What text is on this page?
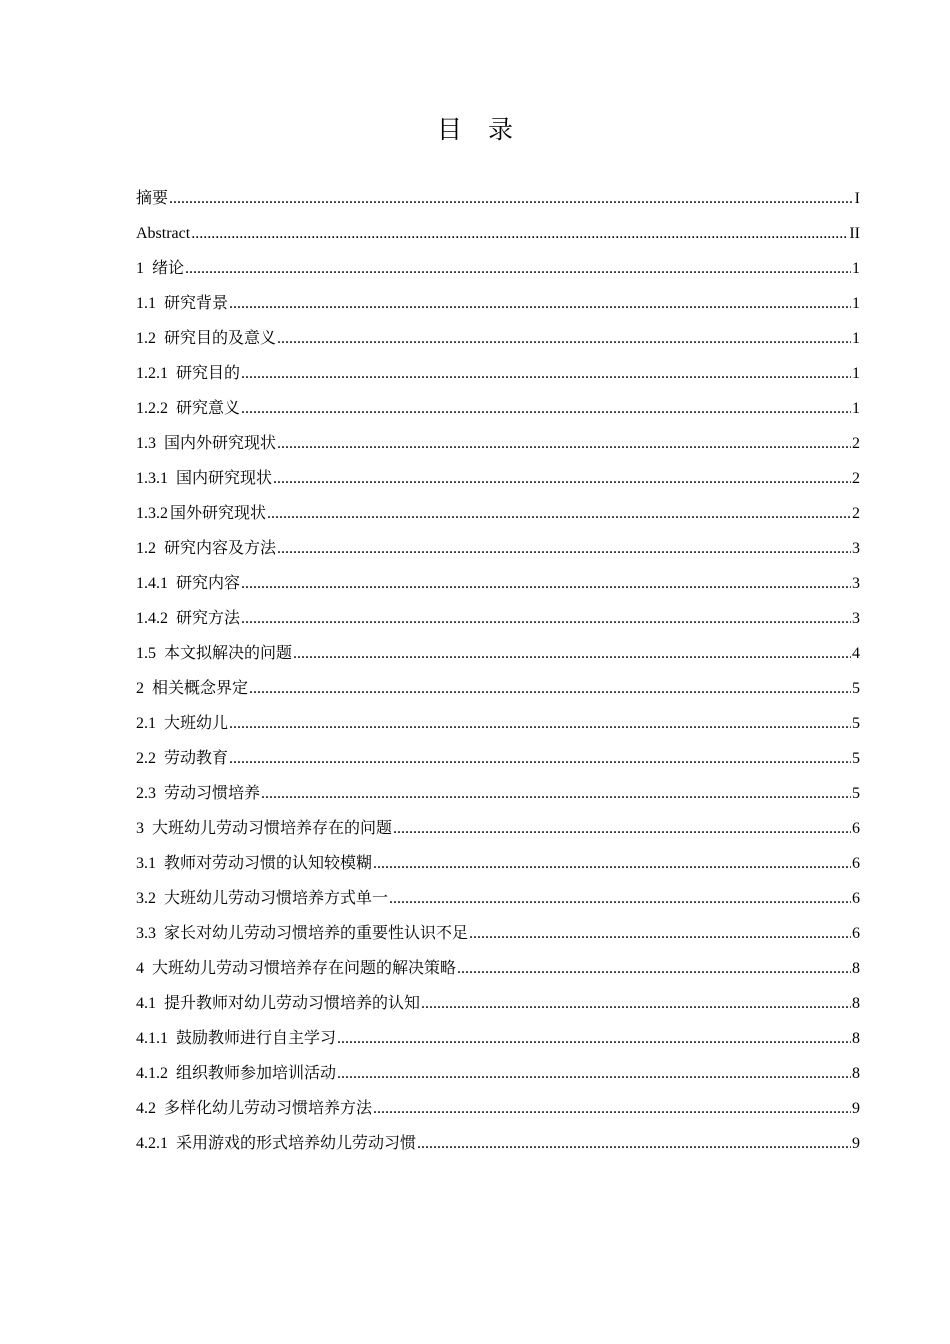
目录
摘要 .....	I
Abstract .....	II
1 绪论 .....	1
1.1 研究背景 .....	1
1.2 研究目的及意义 .....	1
1.2.1 研究目的 .....	1
1.2.2 研究意义 .....	1
1.3 国内外研究现状 .....	2
1.3.1 国内研究现状 .....	2
1.3.2 国外研究现状 .....	2
1.2 研究内容及方法 .....	3
1.4.1 研究内容 .....	3
1.4.2 研究方法 .....	3
1.5 本文拟解决的问题 .....	4
2 相关概念界定 .....	5
2.1 大班幼儿 .....	5
2.2 劳动教育 .....	5
2.3 劳动习惯培养 .....	5
3 大班幼儿劳动习惯培养存在的问题 .....	6
3.1 教师对劳动习惯的认知较模糊 .....	6
3.2 大班幼儿劳动习惯培养方式单一 .....	6
3.3 家长对幼儿劳动习惯培养的重要性认识不足 .....	6
4 大班幼儿劳动习惯培养存在问题的解决策略 .....	8
4.1 提升教师对幼儿劳动习惯培养的认知 .....	8
4.1.1 鼓励教师进行自主学习 .....	8
4.1.2 组织教师参加培训活动 .....	8
4.2 多样化幼儿劳动习惯培养方法 .....	9
4.2.1 采用游戏的形式培养幼儿劳动习惯 .....	9
